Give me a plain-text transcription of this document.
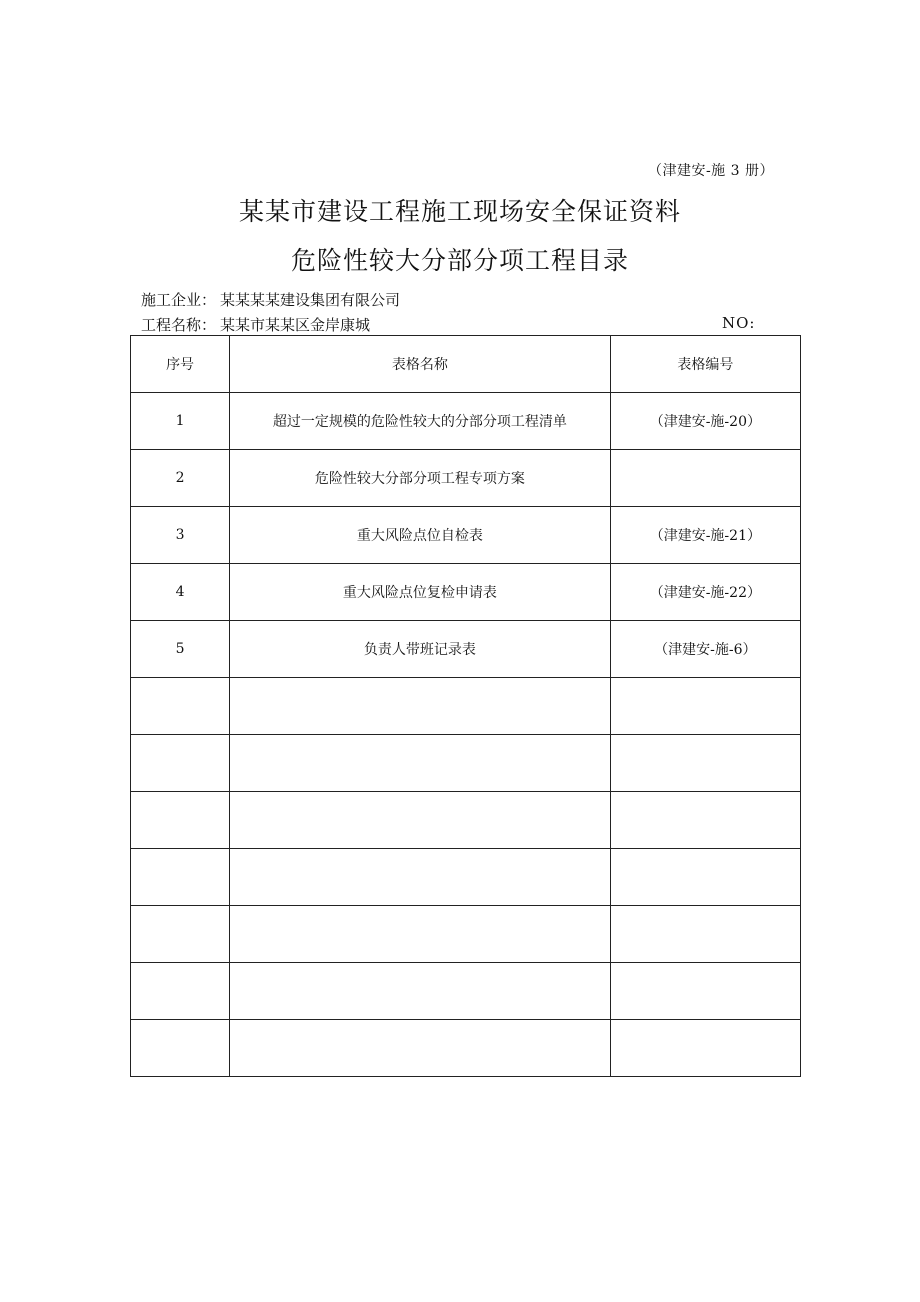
（津建安-施 3 册）
某某市建设工程施工现场安全保证资料
危险性较大分部分项工程目录
施工企业： 某某某某建设集团有限公司
工程名称： 某某市某某区金岸康城	NO:
序号	表格名称	表格编号
1	超过一定规模的危险性较大的分部分项工程清单	（津建安-施-20）
2	危险性较大分部分项工程专项方案	
3	重大风险点位自检表	（津建安-施-21）
4	重大风险点位复检申请表	（津建安-施-22）
5	负责人带班记录表	（津建安-施-6）
